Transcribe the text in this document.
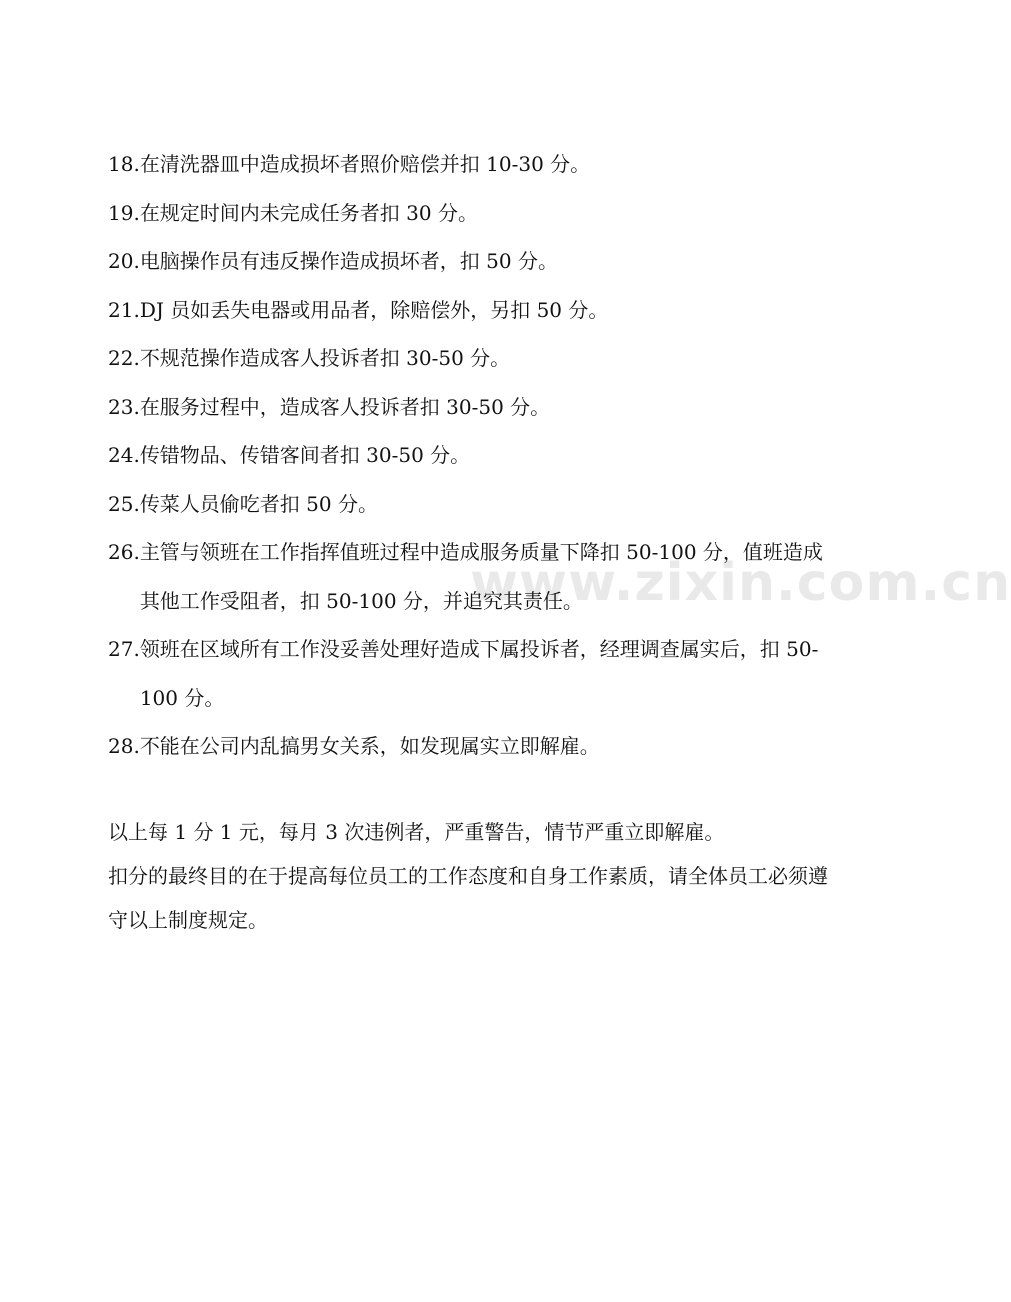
www.zixin.com.cn
18. 在清洗器皿中造成损坏者照价赔偿并扣 10-30 分。
19. 在规定时间内未完成任务者扣 30 分。
20. 电脑操作员有违反操作造成损坏者，扣 50 分。
21. DJ 员如丢失电器或用品者，除赔偿外，另扣 50 分。
22. 不规范操作造成客人投诉者扣 30-50 分。
23. 在服务过程中，造成客人投诉者扣 30-50 分。
24. 传错物品、传错客间者扣 30-50 分。
25. 传菜人员偷吃者扣 50 分。
26. 主管与领班在工作指挥值班过程中造成服务质量下降扣 50-100 分，值班造成其他工作受阻者，扣 50-100 分，并追究其责任。
27. 领班在区域所有工作没妥善处理好造成下属投诉者，经理调查属实后，扣 50-100 分。
28. 不能在公司内乱搞男女关系，如发现属实立即解雇。

以上每 1 分 1 元，每月 3 次违例者，严重警告，情节严重立即解雇。

扣分的最终目的在于提高每位员工的工作态度和自身工作素质，请全体员工必须遵守以上制度规定。
